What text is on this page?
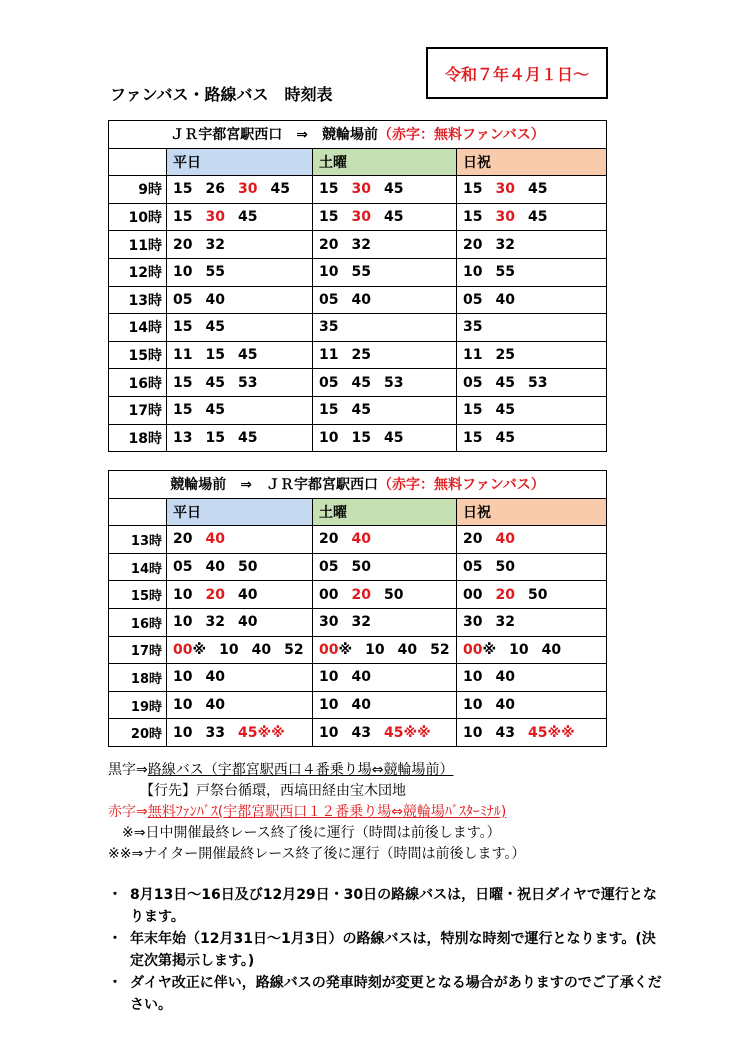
令和７年４月１日～
ファンバス・路線バス　時刻表
ＪＲ宇都宮駅西口　⇒　競輪場前（赤字：無料ファンバス）			
	平日	土曜	日祝
9時	15 26 30 45	15 30 45	15 30 45
10時	15 30 45	15 30 45	15 30 45
11時	20 32	20 32	20 32
12時	10 55	10 55	10 55
13時	05 40	05 40	05 40
14時	15 45	35	35
15時	11 15 45	11 25	11 25
16時	15 45 53	05 45 53	05 45 53
17時	15 45	15 45	15 45
18時	13 15 45	10 15 45	15 45
競輪場前　⇒　ＪＲ宇都宮駅西口（赤字：無料ファンバス）			
	平日	土曜	日祝
13時	20 40	20 40	20 40
14時	05 40 50	05 50	05 50
15時	10 20 40	00 20 50	00 20 50
16時	10 32 40	30 32	30 32
17時	00※ 10 40 52	00※ 10 40 52	00※ 10 40
18時	10 40	10 40	10 40
19時	10 40	10 40	10 40
20時	10 33 45※※	10 43 45※※	10 43 45※※
黒字⇒路線バス（宇都宮駅西口４番乗り場⇔競輪場前）
【行先】戸祭台循環，西塙田経由宝木団地
赤字⇒無料ﾌｧﾝﾊﾞｽ(宇都宮駅西口１２番乗り場⇔競輪場ﾊﾞｽﾀｰﾐﾅﾙ)
※⇒日中開催最終レース終了後に運行（時間は前後します。）
※※⇒ナイター開催最終レース終了後に運行（時間は前後します。）
・ 8月13日～16日及び12月29日・30日の路線バスは，日曜・祝日ダイヤで運行となります。
・ 年末年始（12月31日～1月3日）の路線バスは，特別な時刻で運行となります。(決定次第掲示します。)
・ ダイヤ改正に伴い，路線バスの発車時刻が変更となる場合がありますのでご了承ください。
